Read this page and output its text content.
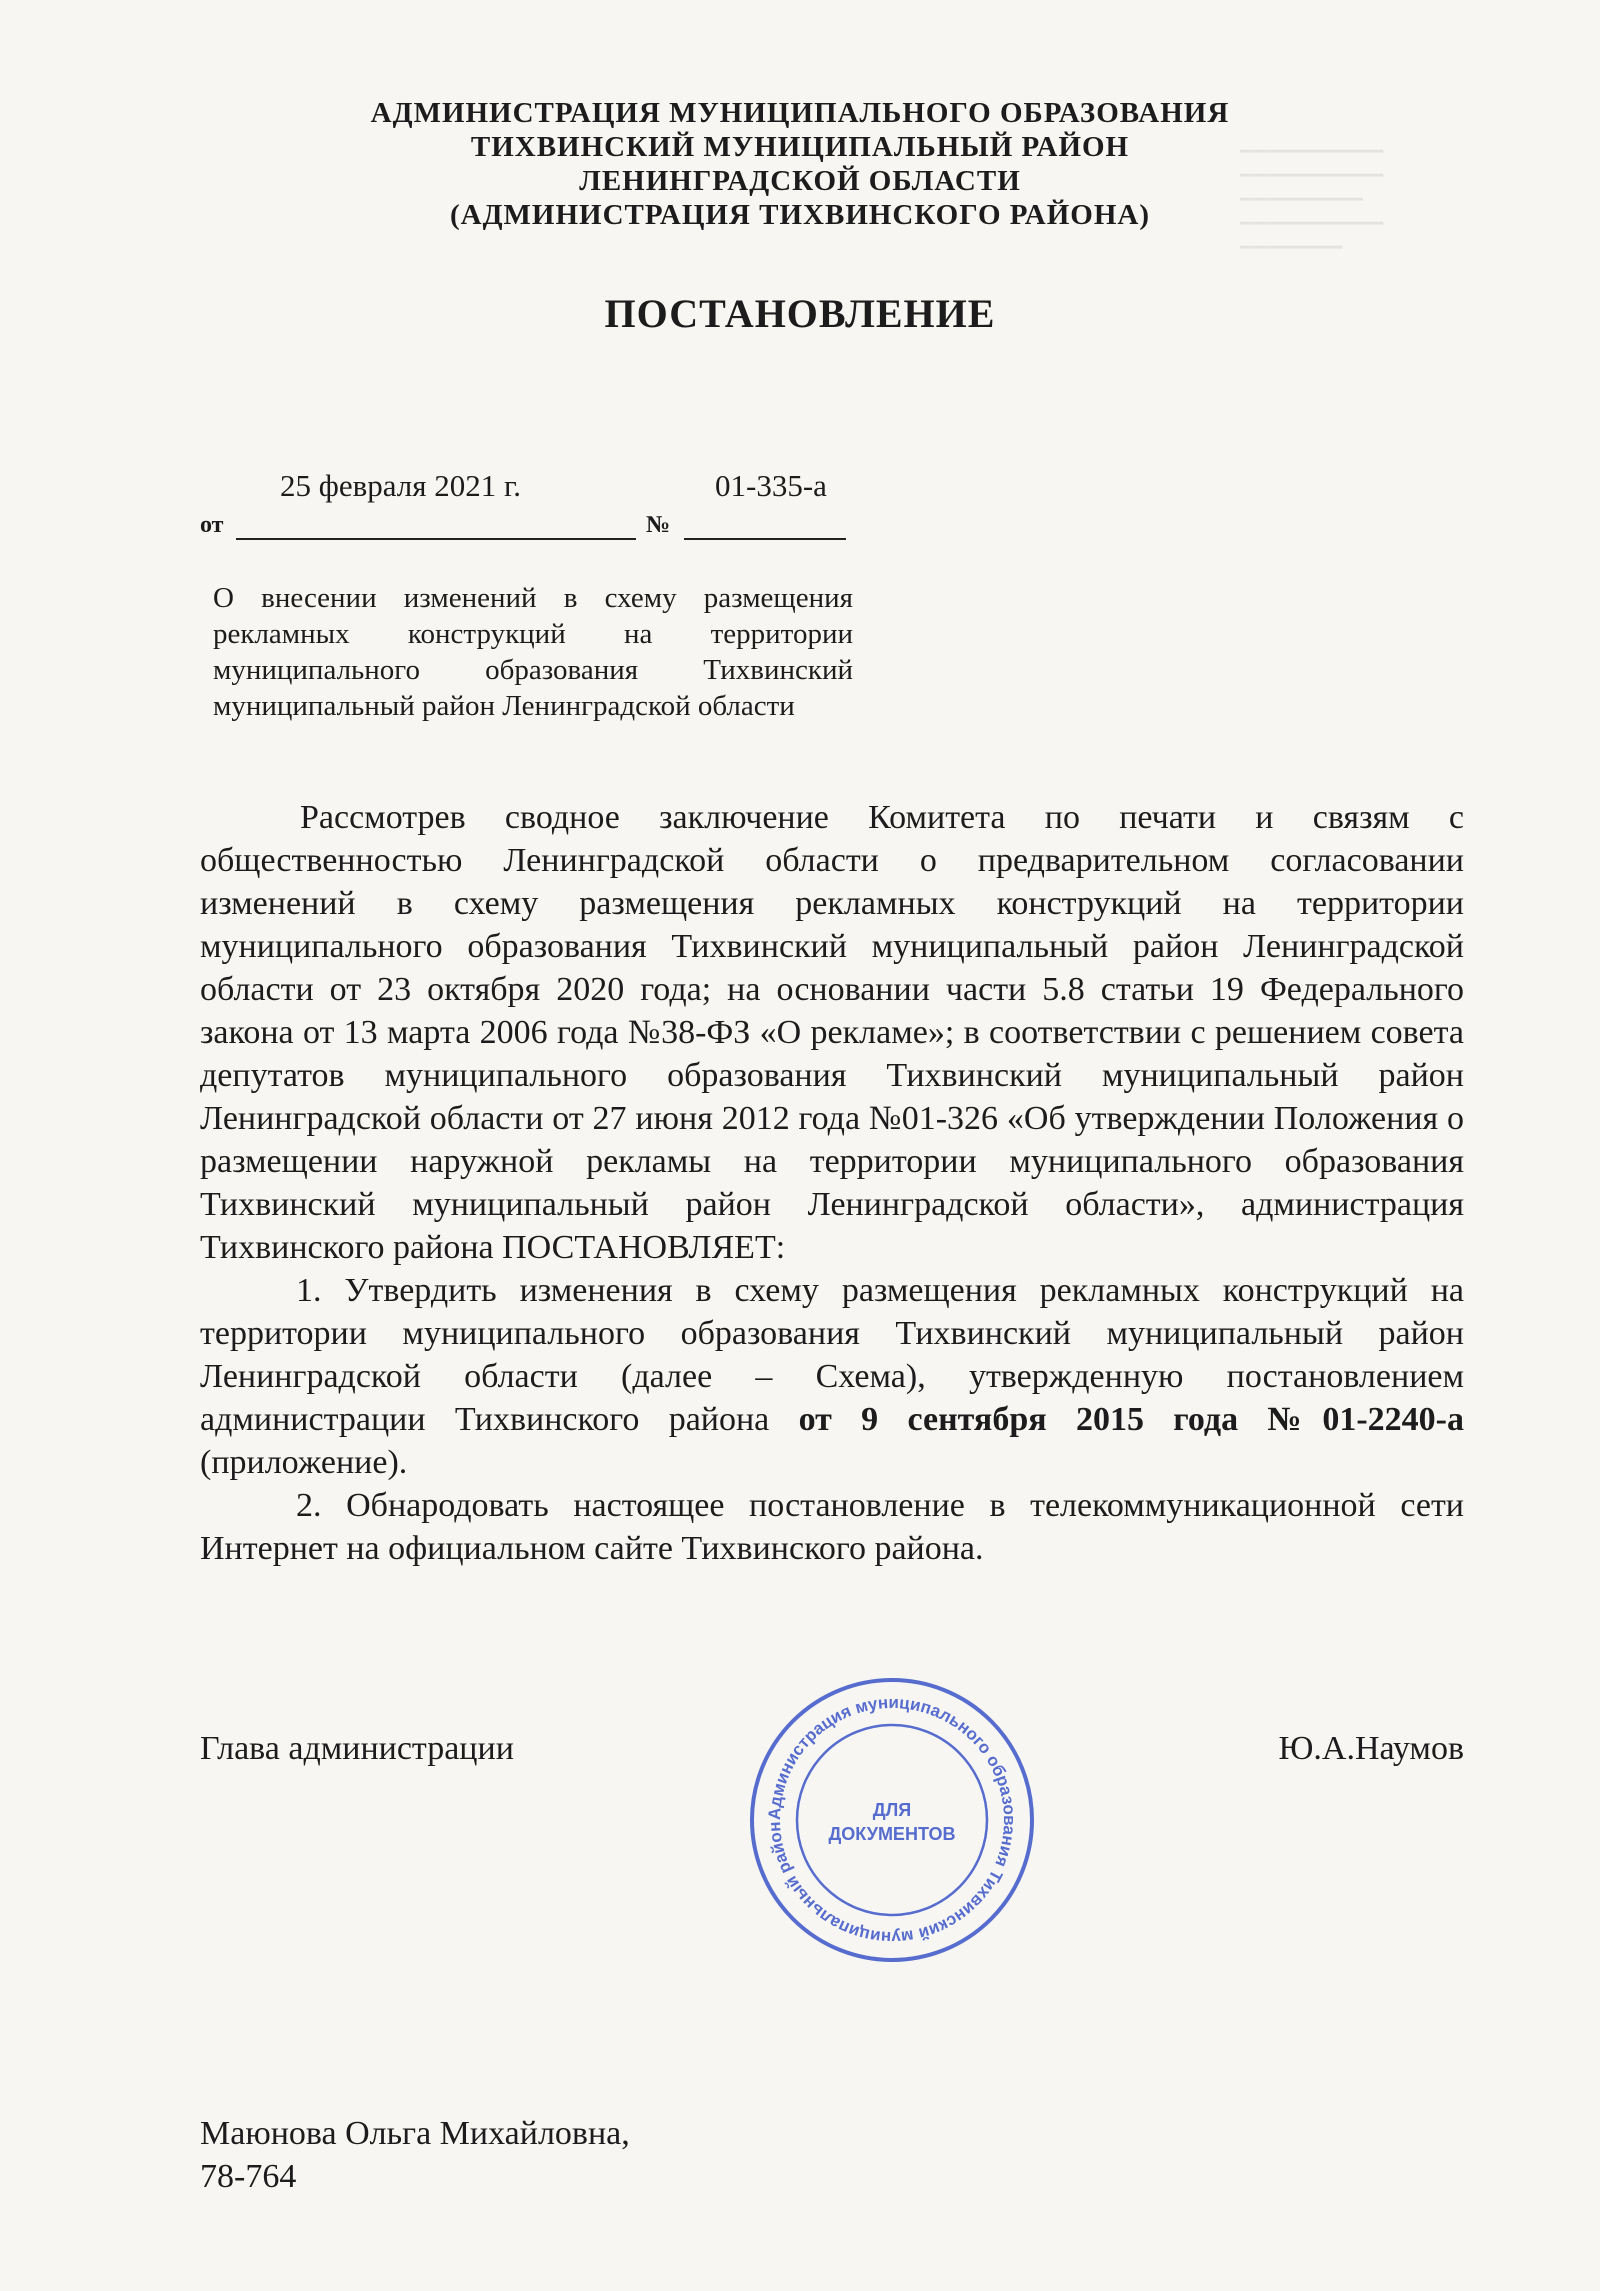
━━━━━━━━━━━━━━
━━━━━━━━━━━━━━
━━━━━━━━━━━━
━━━━━━━━━━━━━━
━━━━━━━━━━
АДМИНИСТРАЦИЯ МУНИЦИПАЛЬНОГО ОБРАЗОВАНИЯ
ТИХВИНСКИЙ МУНИЦИПАЛЬНЫЙ РАЙОН
ЛЕНИНГРАДСКОЙ ОБЛАСТИ
(АДМИНИСТРАЦИЯ ТИХВИНСКОГО РАЙОНА)
ПОСТАНОВЛЕНИЕ
25 февраля 2021 г.	01-335-а
от	№
О внесении изменений в схему размещения рекламных конструкций на территории муниципального образования Тихвинский муниципальный район Ленинградской области

Рассмотрев сводное заключение Комитета по печати и связям с общественностью Ленинградской области о предварительном согласовании изменений в схему размещения рекламных конструкций на территории муниципального образования Тихвинский муниципальный район Ленинградской области от 23 октября 2020 года; на основании части 5.8 статьи 19 Федерального закона от 13 марта 2006 года №38-ФЗ «О рекламе»; в соответствии с решением совета депутатов муниципального образования Тихвинский муниципальный район Ленинградской области от 27 июня 2012 года №01-326 «Об утверждении Положения о размещении наружной рекламы на территории муниципального образования Тихвинский муниципальный район Ленинградской области», администрация Тихвинского района ПОСТАНОВЛЯЕТ:

1. Утвердить изменения в схему размещения рекламных конструкций на территории муниципального образования Тихвинский муниципальный район Ленинградской области (далее – Схема), утвержденную постановлением администрации Тихвинского района от 9 сентября 2015 года №01-2240-а (приложение).

2. Обнародовать настоящее постановление в телекоммуникационной сети Интернет на официальном сайте Тихвинского района.

Глава администрации	Ю.А.Наумов
Администрация муниципального образования Тихвинский муниципальный район
ДЛЯ
ДОКУМЕНТОВ
Маюнова Ольга Михайловна,
78-764
